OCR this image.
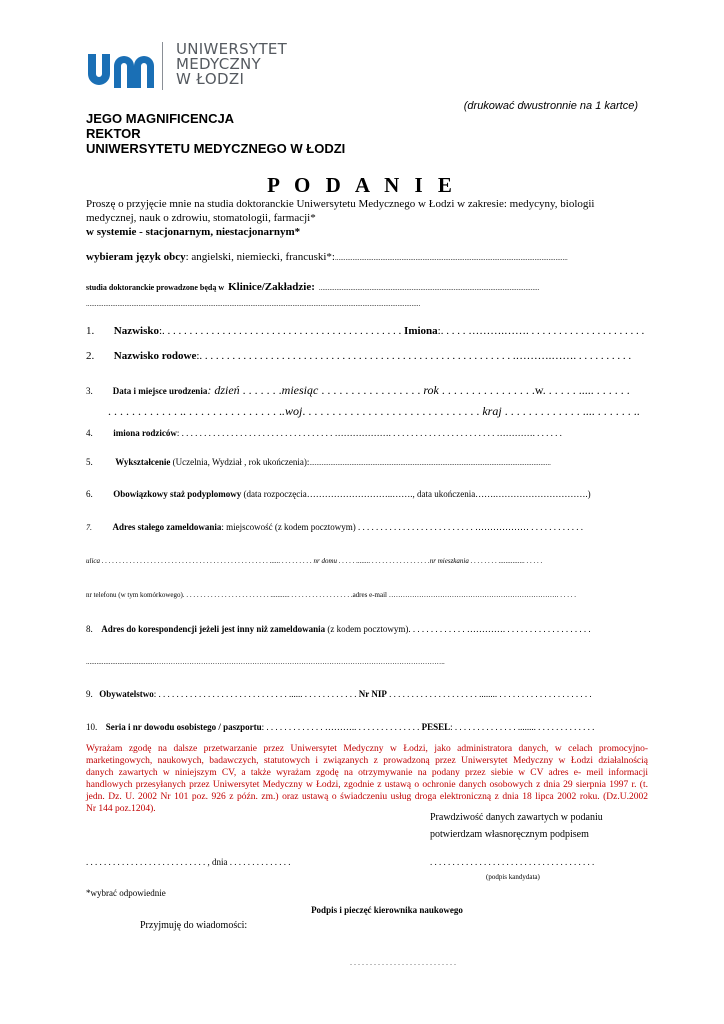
UNIWERSYTET
MEDYCZNY
W ŁODZI
(drukować dwustronnie na 1 kartce)
JEGO MAGNIFICENCJA
REKTOR
UNIWERSYTETU MEDYCZNEGO W ŁODZI
P O D A N I E
Proszę o przyjęcie mnie na studia doktoranckie Uniwersytetu Medycznego w Łodzi w zakresie: medycyny, biologii
medycznej, nauk o zdrowiu, stomatologii, farmacji*
w systemie - stacjonarnym, niestacjonarnym*
wybieram język obcy: angielski, niemiecki, francuski*:.....................................................................................................................................
studia doktoranckie prowadzone będą w Klinice/Zakładzie: ..............................................................................................................................
...............................................................................................................................................................................................
1. Nazwisko:. . . . . . . . . . . . . . . . . . . . . . . . . . . . . . . . . . . . . . . . . . . . Imiona:. . . . . ……….……. . . . . . . . . . . . . . . . . . . . . .
2. Nazwisko rodowe:. . . . . . . . . . . . . . . . . . . . . . . . . . . . . . . . . . . . . . . . . . . . . . . . . . . . . . . . . .……….……. . . . . . . . . . .
3. Data i miejsce urodzenia: dzień . . . . . . .miesiąc . . . . . . . . . . . . . . . . . rok . . . . . . . . . . . . . . . .w. . . . . . ..... . . . . . .
. . . . . . . . . . . . .. . . . . . . . . . . . . . . . ..woj. . . . . . . . . . . . . . . . . . . . . . . . . . . . . . kraj . . . . . . . . . . . . . .... . . . . . . ..
4. imiona rodziców: . . . . . . . . . . . . . . . . . . . . . . . . . . . . . . . . . . ………………. . . . . . . . . . . . . . . . . . . . . . . . …………. . . . . . .
5.	Wykształcenie (Uczelnia, Wydział , rok ukończenia):..........................................................................................................................................
6. Obowiązkowy staż podyplomowy (data rozpoczęcia………………………..……., data ukończenia…….………………………….)
7. Adres stałego zameldowania: miejscowość (z kodem pocztowym) . . . . . . . . . . . . . . . . . . . . . . . . . . ……………… . . . . . . . . . . . .
ulica . . . . . . . . . . . . . . . . . . . . . . . . . . . . . . . . . . . . . . . . . . . . . . . . ...... . . . . . . . . . nr domu . . . . . ........ . . . . . . . . . . . . . . . . .nr mieszkania . . . . . . . . ............... . . . . .
nr telefonu (w tym komórkowego). . . . . . . . . . . . . . . . . . . . . . . . . ........... . . . . . . . . . . . . . . . . . .adres e-mail ………………………………………………………………. . . . . .
8. Adres do korespondencji jeżeli jest inny niż zameldowania (z kodem pocztowym). . . . . . . . . . . . . …………. . . . . . . . . . . . . . . . . . . .
.......................................……………………………………………………………………………………………………………..
9. Obywatelstwo: . . . . . . . . . . . . . . . . . . . . . . . . . . . . . ...... . . . . . . . . . . . . Nr NIP . . . . . . . . . . . . . . . . . . . . ........ . . . . . . . . . . . . . . . . . . . . .
10. Seria i nr dowodu osobistego / paszportu: . . . . . . . . . . . . . ……….. . . . . . . . . . . . . . . PESEL: . . . . . . . . . . . . . . ........ . . . . . . . . . . . . .
Wyrażam zgodę na dalsze przetwarzanie przez Uniwersytet Medyczny w Łodzi, jako administratora danych, w celach promocyjno-
marketingowych, naukowych, badawczych, statutowych i związanych z prowadzoną przez Uniwersytet Medyczny w Łodzi działalnością
danych zawartych w niniejszym CV, a także wyrażam zgodę na otrzymywanie na podany przez siebie w CV adres e- meil informacji
handlowych przesyłanych przez Uniwersytet Medyczny w Łodzi, zgodnie z ustawą o ochronie danych osobowych z dnia 29 sierpnia 1997 r. (t.
jedn. Dz. U. 2002 Nr 101 poz. 926 z późn. zm.) oraz ustawą o świadczeniu usług droga elektroniczną z dnia 18 lipca 2002 roku. (Dz.U.2002
Nr 144 poz.1204).
Prawdziwość danych zawartych w podaniu
potwierdzam własnoręcznym podpisem
. . . . . . . . . . . . . . . . . . . . . . . . . . . , dnia . . . . . . . . . . . . . .	. . . . . . . . . . . . . . . . . . . . . . . . . . . . . . . . . . . . .
(podpis kandydata)
*wybrać odpowiednie
Podpis i pieczęć kierownika naukowego
Przyjmuję do wiadomości:
. . . . . . . . . . . . . . . . . . . . . . . . . . .
